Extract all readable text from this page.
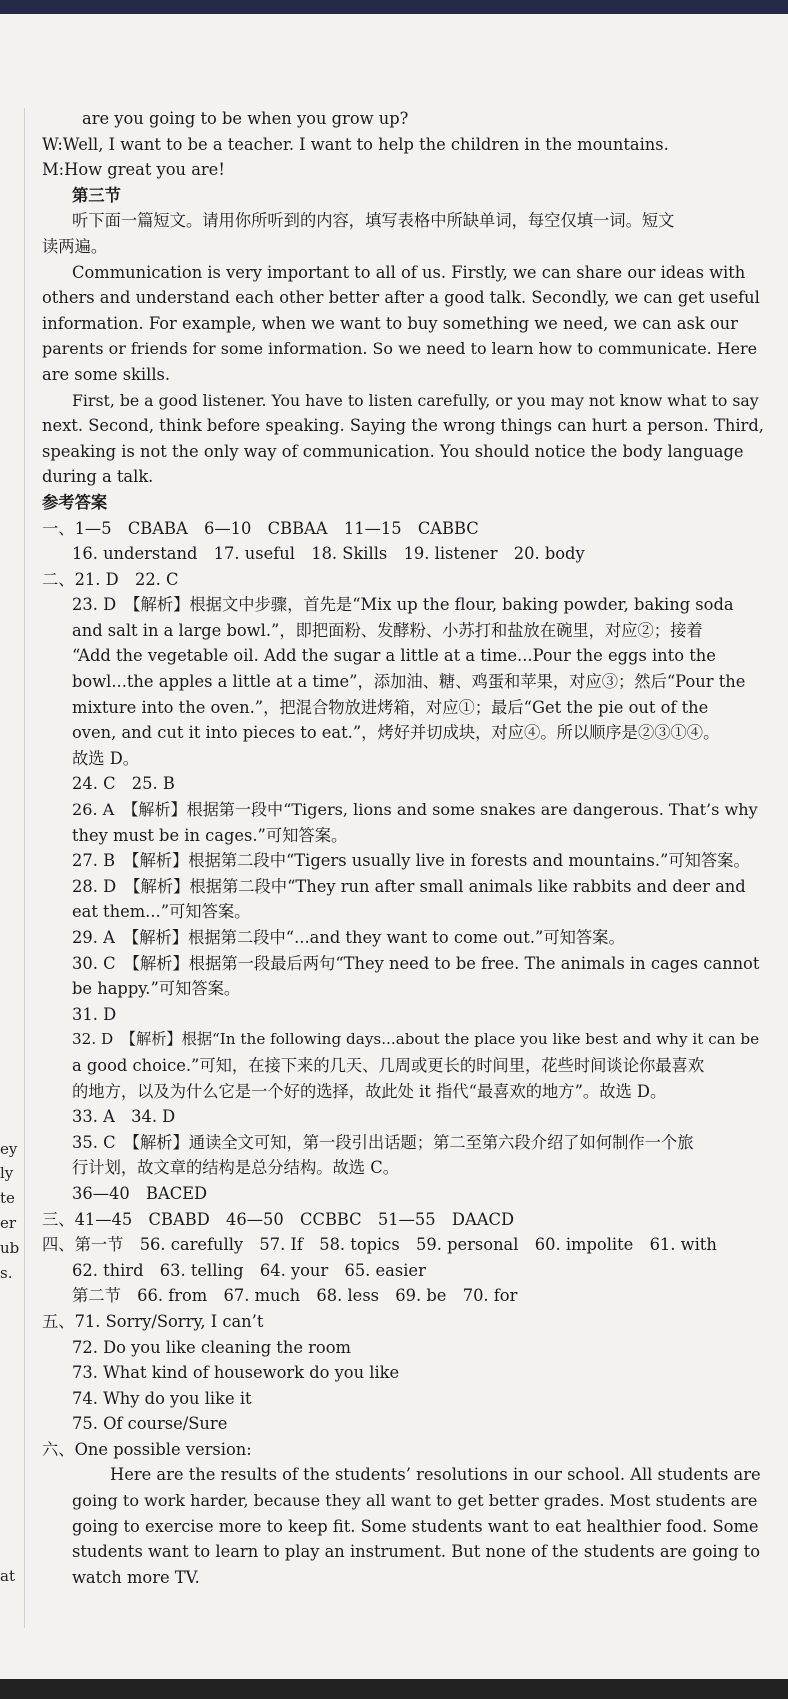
ey
ly
te
er
ub
s.
at
are you going to be when you grow up?
W:Well, I want to be a teacher. I want to help the children in the mountains.
M:How great you are!
第三节
听下面一篇短文。请用你所听到的内容，填写表格中所缺单词，每空仅填一词。短文
读两遍。
Communication is very important to all of us. Firstly, we can share our ideas with
others and understand each other better after a good talk. Secondly, we can get useful
information. For example, when we want to buy something we need, we can ask our
parents or friends for some information. So we need to learn how to communicate. Here
are some skills.
First, be a good listener. You have to listen carefully, or you may not know what to say
next. Second, think before speaking. Saying the wrong things can hurt a person. Third,
speaking is not the only way of communication. You should notice the body language
during a talk.
参考答案
一、1—5　CBABA　6—10　CBBAA　11—15　CABBC
16. understand　17. useful　18. Skills　19. listener　20. body
二、21. D　22. C
23. D　【解析】根据文中步骤，首先是“Mix up the flour, baking powder, baking soda
and salt in a large bowl.”，即把面粉、发酵粉、小苏打和盐放在碗里，对应②；接着
“Add the vegetable oil. Add the sugar a little at a time...Pour the eggs into the
bowl...the apples a little at a time”，添加油、糖、鸡蛋和苹果，对应③；然后“Pour the
mixture into the oven.”，把混合物放进烤箱，对应①；最后“Get the pie out of the
oven, and cut it into pieces to eat.”，烤好并切成块，对应④。所以顺序是②③①④。
故选 D。
24. C　25. B
26. A　【解析】根据第一段中“Tigers, lions and some snakes are dangerous. That’s why
they must be in cages.”可知答案。
27. B　【解析】根据第二段中“Tigers usually live in forests and mountains.”可知答案。
28. D　【解析】根据第二段中“They run after small animals like rabbits and deer and
eat them...”可知答案。
29. A　【解析】根据第二段中“...and they want to come out.”可知答案。
30. C　【解析】根据第一段最后两句“They need to be free. The animals in cages cannot
be happy.”可知答案。
31. D
32. D　【解析】根据“In the following days...about the place you like best and why it can be
a good choice.”可知，在接下来的几天、几周或更长的时间里，花些时间谈论你最喜欢
的地方，以及为什么它是一个好的选择，故此处 it 指代“最喜欢的地方”。故选 D。
33. A　34. D
35. C　【解析】通读全文可知，第一段引出话题；第二至第六段介绍了如何制作一个旅
行计划，故文章的结构是总分结构。故选 C。
36—40　BACED
三、41—45　CBABD　46—50　CCBBC　51—55　DAACD
四、第一节　56. carefully　57. If　58. topics　59. personal　60. impolite　61. with
62. third　63. telling　64. your　65. easier
第二节　66. from　67. much　68. less　69. be　70. for
五、71. Sorry/Sorry, I can’t
72. Do you like cleaning the room
73. What kind of housework do you like
74. Why do you like it
75. Of course/Sure
六、One possible version:
Here are the results of the students’ resolutions in our school. All students are
going to work harder, because they all want to get better grades. Most students are
going to exercise more to keep fit. Some students want to eat healthier food. Some
students want to learn to play an instrument. But none of the students are going to
watch more TV.
